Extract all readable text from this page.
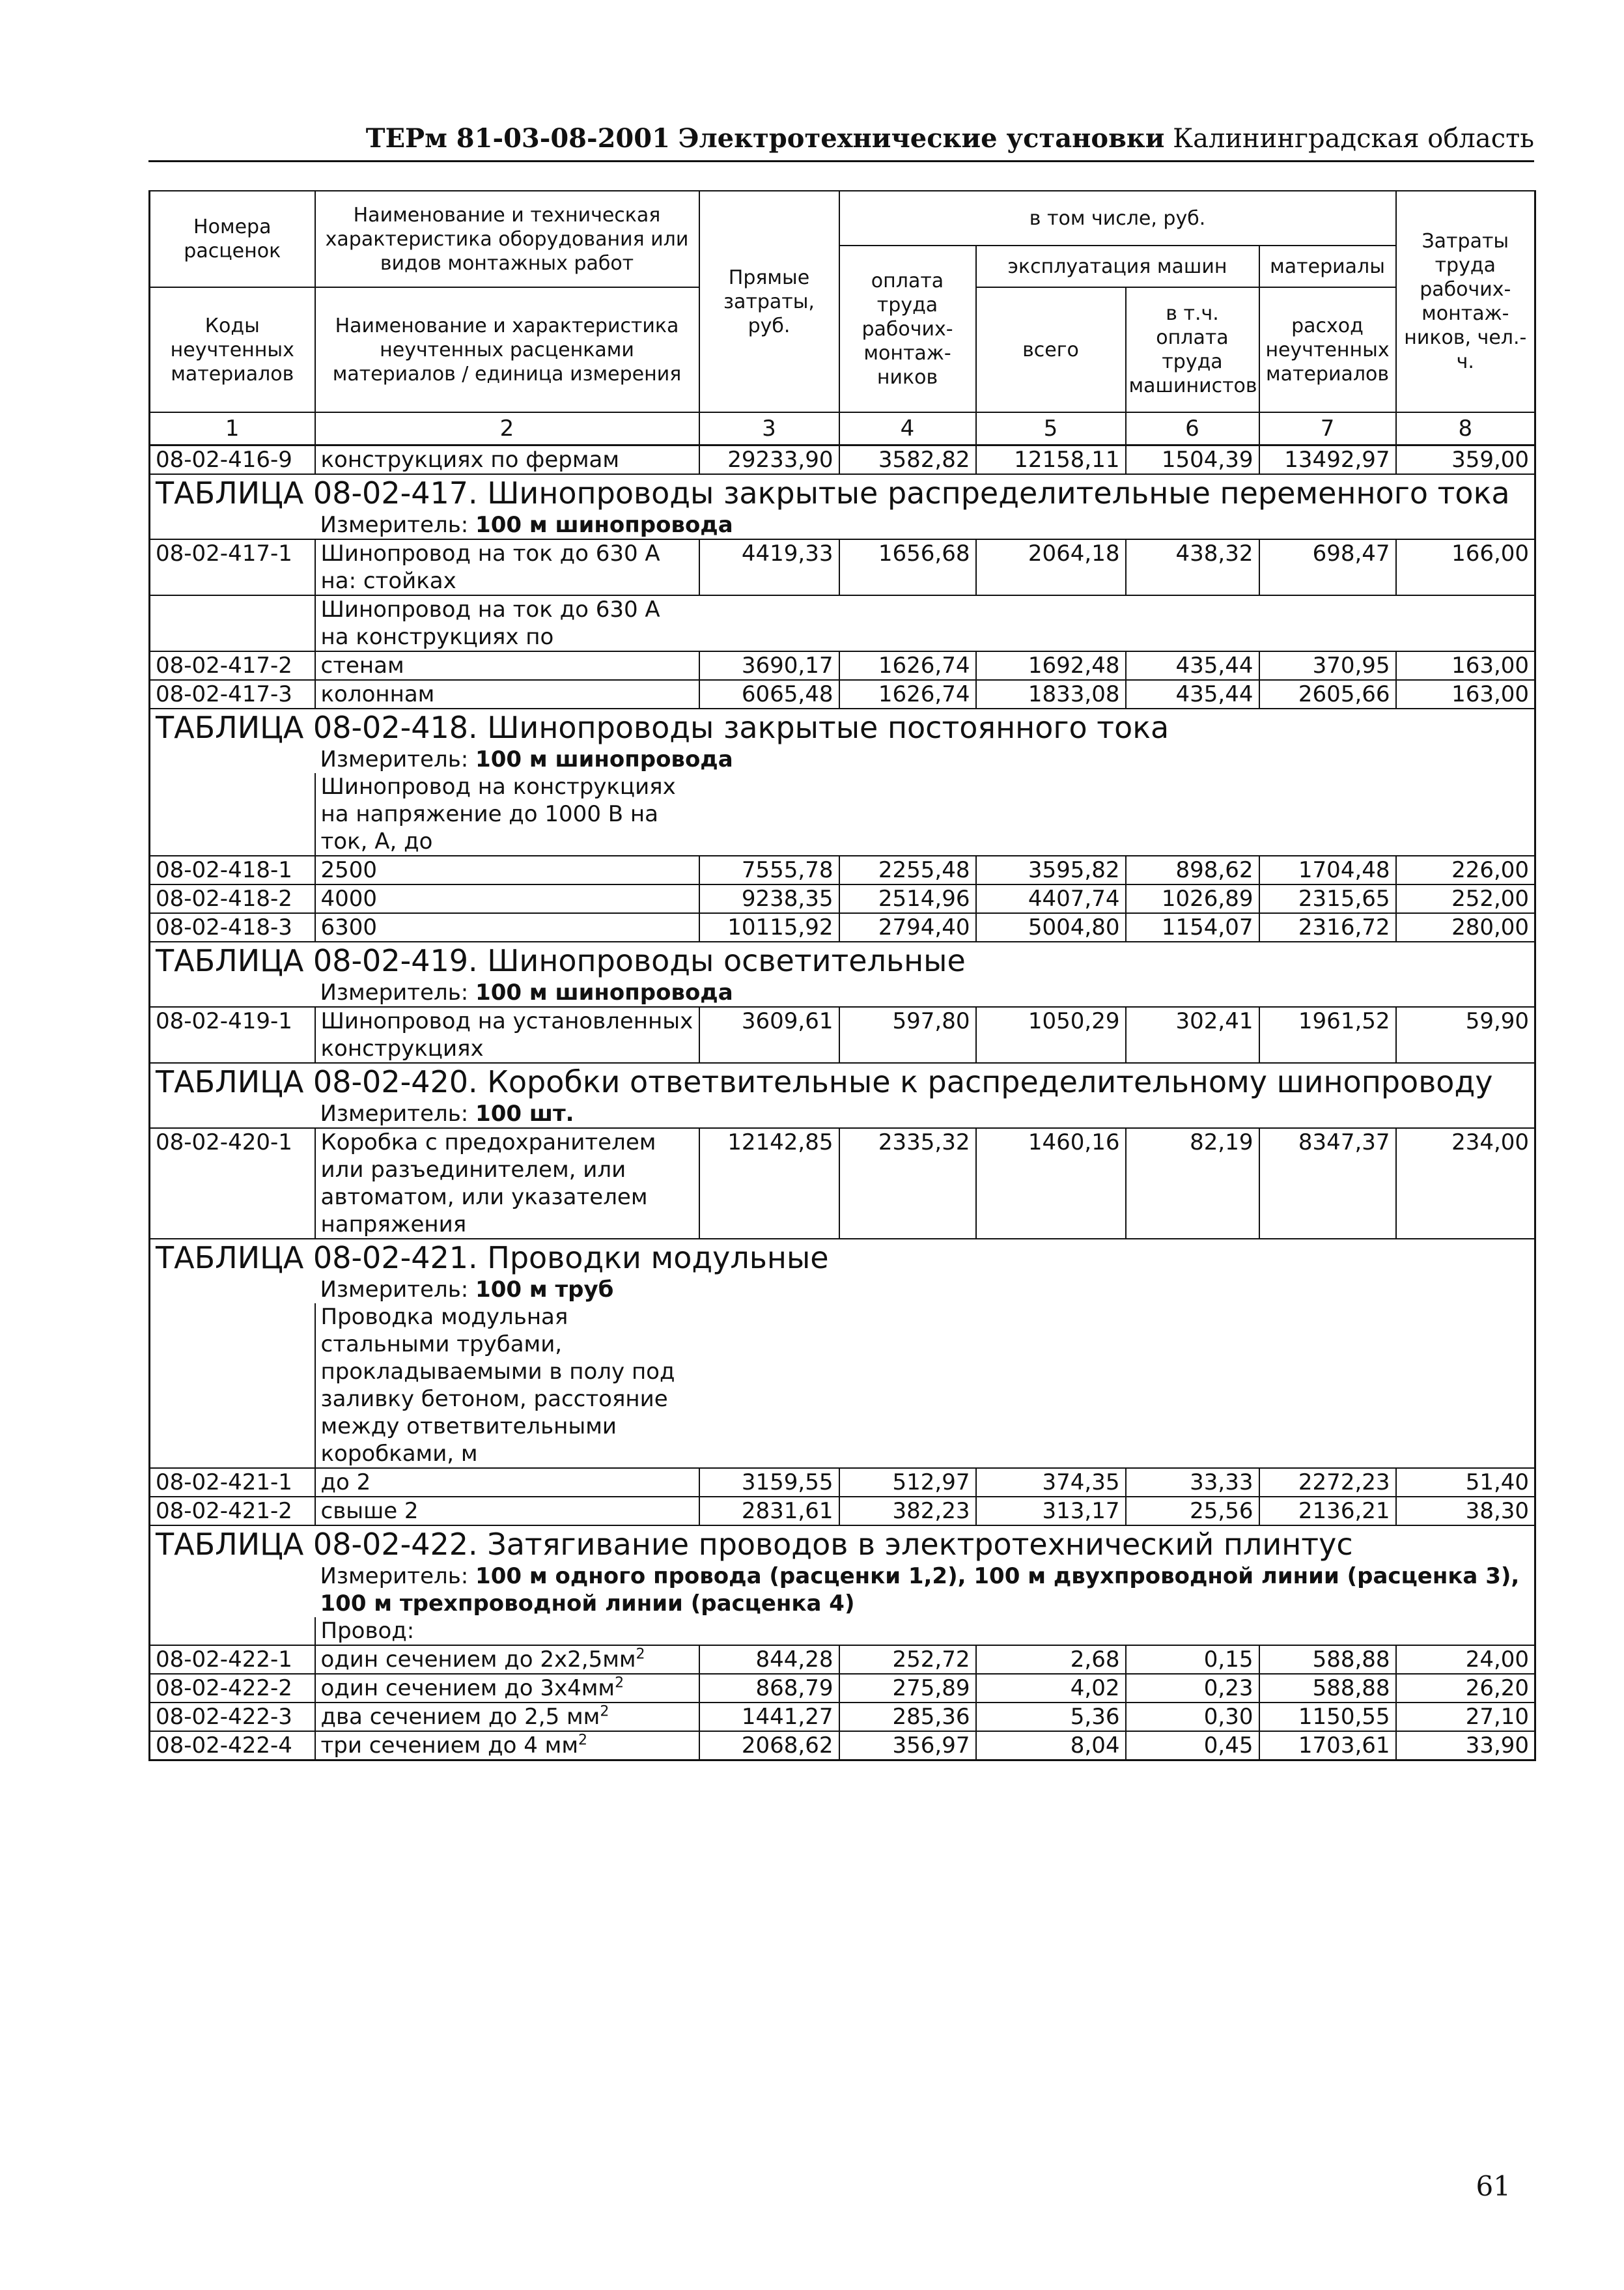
ТЕРм 81-03-08-2001 Электротехнические установки Калининградская область
Номера расценок	Наименование и техническая характеристика оборудования или видов монтажных работ	Прямые затраты, руб.	в том числе, руб.				Затраты труда рабочих-монтаж-ников, чел.-ч.
			оплата труда рабочих-монтаж-ников	эксплуатация машин		материалы	

Коды неучтенных материалов	Наименование и характеристика неучтенных расценками материалов / единица измерения			всего	в т.ч. оплата труда машинистов	расход неучтенных материалов	

1	2	3	4	5	6	7	8
08-02-416-9	конструкциях по фермам	29233,90	3582,82	12158,11	1504,39	13492,97	359,00
ТАБЛИЦА 08-02-417. Шинопроводы закрытые распределительные переменного тока							
	Измеритель: 100 м шинопровода						
08-02-417-1	Шинопровод на ток до 630 А на: стойках	4419,33	1656,68	2064,18	438,32	698,47	166,00
	Шинопровод на ток до 630 А на конструкциях по						
08-02-417-2	стенам	3690,17	1626,74	1692,48	435,44	370,95	163,00
08-02-417-3	колоннам	6065,48	1626,74	1833,08	435,44	2605,66	163,00
ТАБЛИЦА 08-02-418. Шинопроводы закрытые постоянного тока							
	Измеритель: 100 м шинопровода						
	Шинопровод на конструкциях на напряжение до 1000 В на ток, А, до						
08-02-418-1	2500	7555,78	2255,48	3595,82	898,62	1704,48	226,00
08-02-418-2	4000	9238,35	2514,96	4407,74	1026,89	2315,65	252,00
08-02-418-3	6300	10115,92	2794,40	5004,80	1154,07	2316,72	280,00
ТАБЛИЦА 08-02-419. Шинопроводы осветительные							
	Измеритель: 100 м шинопровода						
08-02-419-1	Шинопровод на установленных конструкциях	3609,61	597,80	1050,29	302,41	1961,52	59,90
ТАБЛИЦА 08-02-420. Коробки ответвительные к распределительному шинопроводу							
	Измеритель: 100 шт.						
08-02-420-1	Коробка с предохранителем или разъединителем, или автоматом, или указателем напряжения	12142,85	2335,32	1460,16	82,19	8347,37	234,00
ТАБЛИЦА 08-02-421. Проводки модульные							
	Измеритель: 100 м труб						
	Проводка модульная стальными трубами, прокладываемыми в полу под заливку бетоном, расстояние между ответвительными коробками, м						
08-02-421-1	до 2	3159,55	512,97	374,35	33,33	2272,23	51,40
08-02-421-2	свыше 2	2831,61	382,23	313,17	25,56	2136,21	38,30
ТАБЛИЦА 08-02-422. Затягивание проводов в электротехнический плинтус							
	Измеритель: 100 м одного провода (расценки 1,2), 100 м двухпроводной линии (расценка 3), 100 м трехпроводной линии (расценка 4)						
	Провод:						
08-02-422-1	один сечением до $2х2,5мм^2$	844,28	252,72	2,68	0,15	588,88	24,00
08-02-422-2	один сечением до $3х4мм^2$	868,79	275,89	4,02	0,23	588,88	26,20
08-02-422-3	два сечением до 2,5 $мм^2$	1441,27	285,36	5,36	0,30	1150,55	27,10
08-02-422-4	три сечением до 4 $мм^2$	2068,62	356,97	8,04	0,45	1703,61	33,90
61
